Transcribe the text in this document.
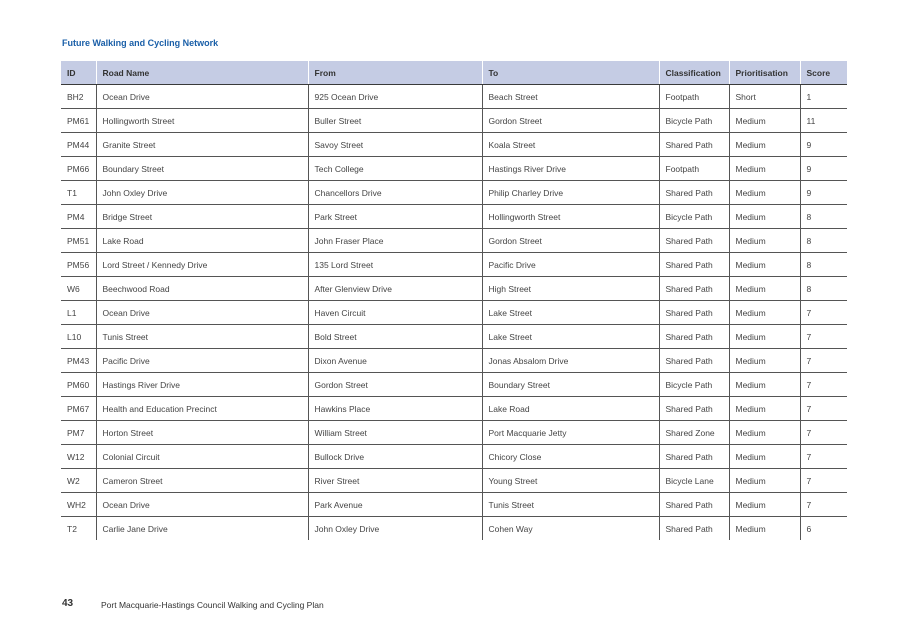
Future Walking and Cycling Network
ID	Road Name	From	To	Classification	Prioritisation	Score
BH2	Ocean Drive	925 Ocean Drive	Beach Street	Footpath	Short	1
PM61	Hollingworth Street	Buller Street	Gordon Street	Bicycle Path	Medium	11
PM44	Granite Street	Savoy Street	Koala Street	Shared Path	Medium	9
PM66	Boundary Street	Tech College	Hastings River Drive	Footpath	Medium	9
T1	John Oxley Drive	Chancellors Drive	Philip Charley Drive	Shared Path	Medium	9
PM4	Bridge Street	Park Street	Hollingworth Street	Bicycle Path	Medium	8
PM51	Lake Road	John Fraser Place	Gordon Street	Shared Path	Medium	8
PM56	Lord Street / Kennedy Drive	135 Lord Street	Pacific Drive	Shared Path	Medium	8
W6	Beechwood Road	After Glenview Drive	High Street	Shared Path	Medium	8
L1	Ocean Drive	Haven Circuit	Lake Street	Shared Path	Medium	7
L10	Tunis Street	Bold Street	Lake Street	Shared Path	Medium	7
PM43	Pacific Drive	Dixon Avenue	Jonas Absalom Drive	Shared Path	Medium	7
PM60	Hastings River Drive	Gordon Street	Boundary Street	Bicycle Path	Medium	7
PM67	Health and Education Precinct	Hawkins Place	Lake Road	Shared Path	Medium	7
PM7	Horton Street	William Street	Port Macquarie Jetty	Shared Zone	Medium	7
W12	Colonial Circuit	Bullock Drive	Chicory Close	Shared Path	Medium	7
W2	Cameron Street	River Street	Young Street	Bicycle Lane	Medium	7
WH2	Ocean Drive	Park Avenue	Tunis Street	Shared Path	Medium	7
T2	Carlie Jane Drive	John Oxley Drive	Cohen Way	Shared Path	Medium	6
43	Port Macquarie-Hastings Council Walking and Cycling Plan
